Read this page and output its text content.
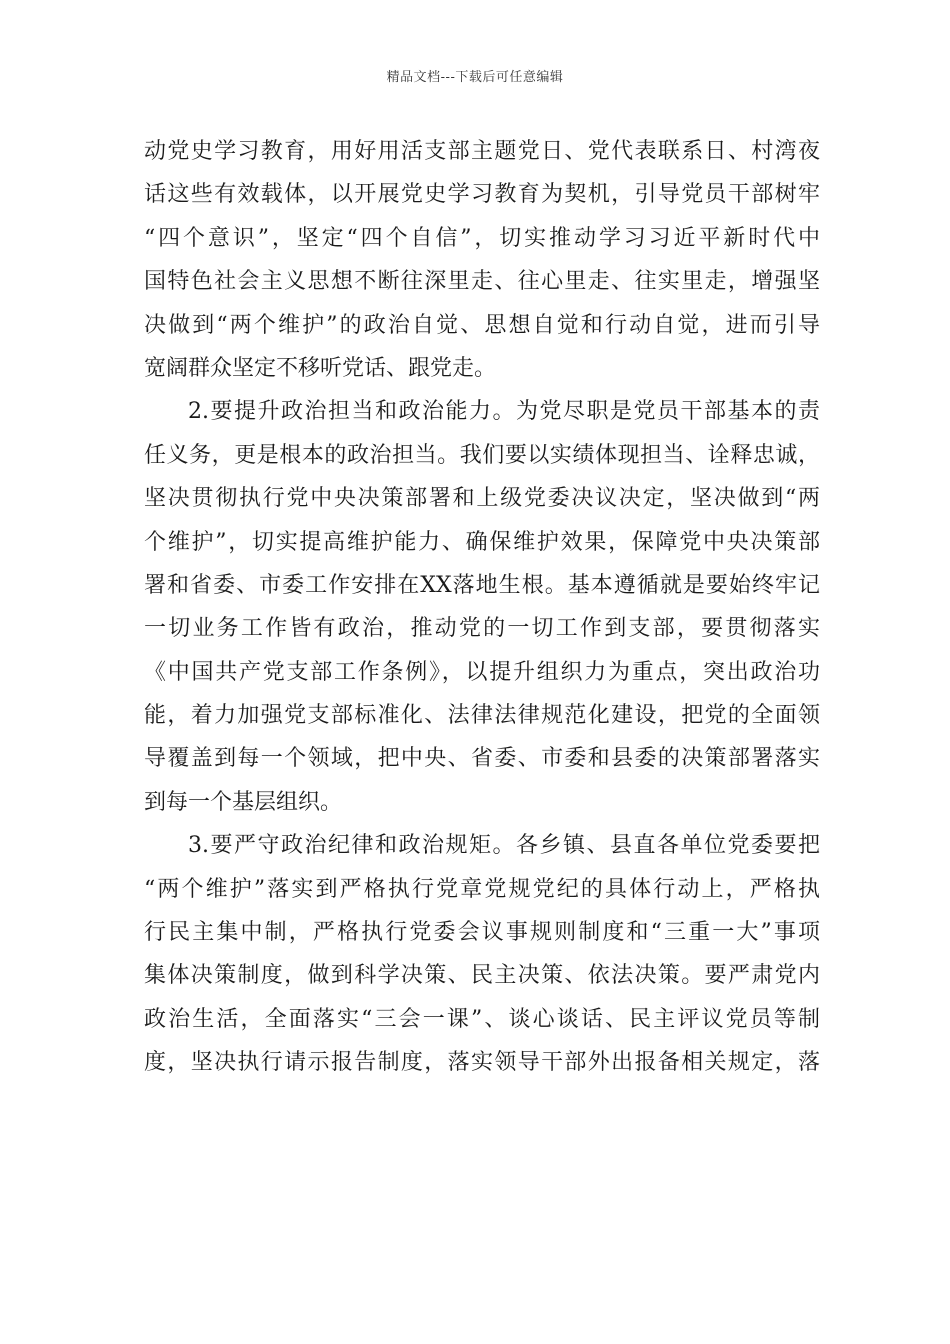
精品文档---下载后可任意编辑
动党史学习教育，用好用活支部主题党日、党代表联系日、村湾夜
话这些有效载体，以开展党史学习教育为契机，引导党员干部树牢
“四个意识”，坚定“四个自信”，切实推动学习习近平新时代中
国特色社会主义思想不断往深里走、往心里走、往实里走，增强坚
决做到“两个维护”的政治自觉、思想自觉和行动自觉，进而引导
宽阔群众坚定不移听党话、跟党走。
2.要提升政治担当和政治能力。为党尽职是党员干部基本的责
任义务，更是根本的政治担当。我们要以实绩体现担当、诠释忠诚，
坚决贯彻执行党中央决策部署和上级党委决议决定，坚决做到“两
个维护”，切实提高维护能力、确保维护效果，保障党中央决策部
署和省委、市委工作安排在XX落地生根。基本遵循就是要始终牢记
一切业务工作皆有政治，推动党的一切工作到支部，要贯彻落实
《中国共产党支部工作条例》，以提升组织力为重点，突出政治功
能，着力加强党支部标准化、法律法律规范化建设，把党的全面领
导覆盖到每一个领域，把中央、省委、市委和县委的决策部署落实
到每一个基层组织。
3.要严守政治纪律和政治规矩。各乡镇、县直各单位党委要把
“两个维护”落实到严格执行党章党规党纪的具体行动上，严格执
行民主集中制，严格执行党委会议事规则制度和“三重一大”事项
集体决策制度，做到科学决策、民主决策、依法决策。要严肃党内
政治生活，全面落实“三会一课”、谈心谈话、民主评议党员等制
度，坚决执行请示报告制度，落实领导干部外出报备相关规定，落
